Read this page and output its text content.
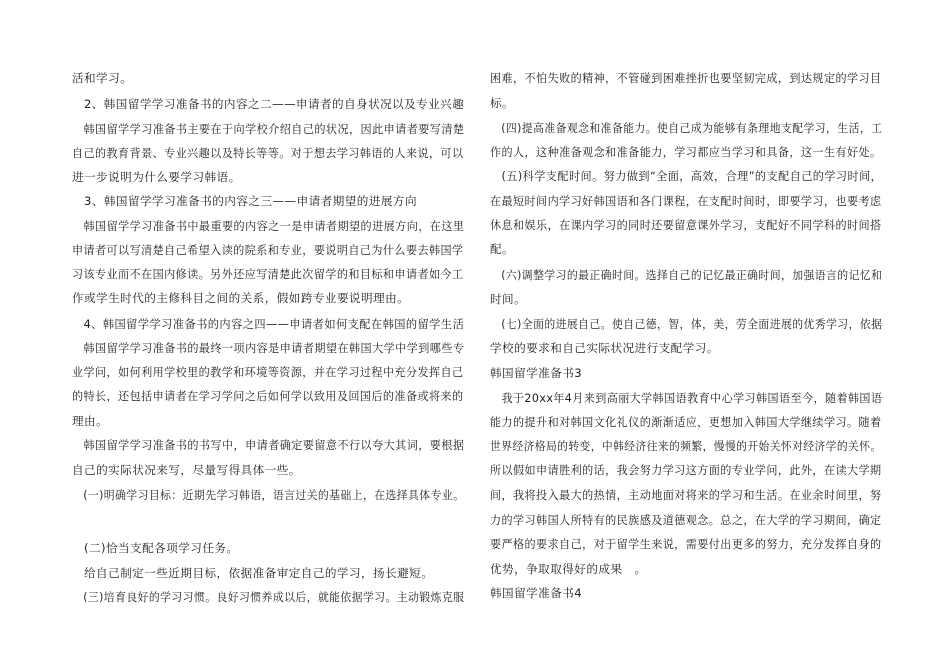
活和学习。
2、韩国留学学习准备书的内容之二——申请者的自身状况以及专业兴趣
韩国留学学习准备书主要在于向学校介绍自己的状况，因此申请者要写清楚
自己的教育背景、专业兴趣以及特长等等。对于想去学习韩语的人来说，可以
进一步说明为什么要学习韩语。
3、韩国留学学习准备书的内容之三——申请者期望的进展方向
韩国留学学习准备书中最重要的内容之一是申请者期望的进展方向，在这里
申请者可以写清楚自己希望入读的院系和专业，要说明自己为什么要去韩国学
习该专业而不在国内修读。另外还应写清楚此次留学的和目标和申请者如今工
作或学生时代的主修科目之间的关系，假如跨专业要说明理由。
4、韩国留学学习准备书的内容之四——申请者如何支配在韩国的留学生活
韩国留学学习准备书的最终一项内容是申请者期望在韩国大学中学到哪些专
业学问，如何利用学校里的教学和环境等资源，并在学习过程中充分发挥自己
的特长，还包括申请者在学习学问之后如何学以致用及回国后的准备或将来的
理由。
韩国留学学习准备书的书写中，申请者确定要留意不行以夸大其词，要根据
自己的实际状况来写，尽量写得具体一些。
(一)明确学习目标：近期先学习韩语，语言过关的基础上，在选择具体专业。
(二)恰当支配各项学习任务。
给自己制定一些近期目标，依据准备审定自己的学习，扬长避短。
(三)培育良好的学习习惯。良好习惯养成以后，就能依据学习。主动锻炼克服
困难，不怕失败的精神，不管碰到困难挫折也要坚韧完成，到达规定的学习目
标。
(四)提高准备观念和准备能力。使自己成为能够有条理地支配学习，生活，工
作的人，这种准备观念和准备能力，学习都应当学习和具备，这一生有好处。
(五)科学支配时间。努力做到“全面，高效，合理”的支配自己的学习时间，
在最短时间内学习好韩国语和各门课程，在支配时间时，即要学习，也要考虑
休息和娱乐，在课内学习的同时还要留意课外学习，支配好不同学科的时间搭
配。
(六)调整学习的最正确时间。选择自己的记忆最正确时间，加强语言的记忆和
时间。
(七)全面的进展自己。使自己德，智，体，美，劳全面进展的优秀学习，依据
学校的要求和自己实际状况进行支配学习。
韩国留学准备书3
我于20xx年4月来到高丽大学韩国语教育中心学习韩国语至今，随着韩国语
能力的提升和对韩国文化礼仪的渐渐适应，更想加入韩国大学继续学习。随着
世界经济格局的转变，中韩经济往来的频繁，慢慢的开始关怀对经济学的关怀。
所以假如申请胜利的话，我会努力学习这方面的专业学问，此外，在读大学期
间，我将投入最大的热情，主动地面对将来的学习和生活。在业余时间里，努
力的学习韩国人所特有的民族感及道德观念。总之，在大学的学习期间，确定
要严格的要求自己，对于留学生来说，需要付出更多的努力，充分发挥自身的
优势，争取取得好的成果　。
韩国留学准备书4
